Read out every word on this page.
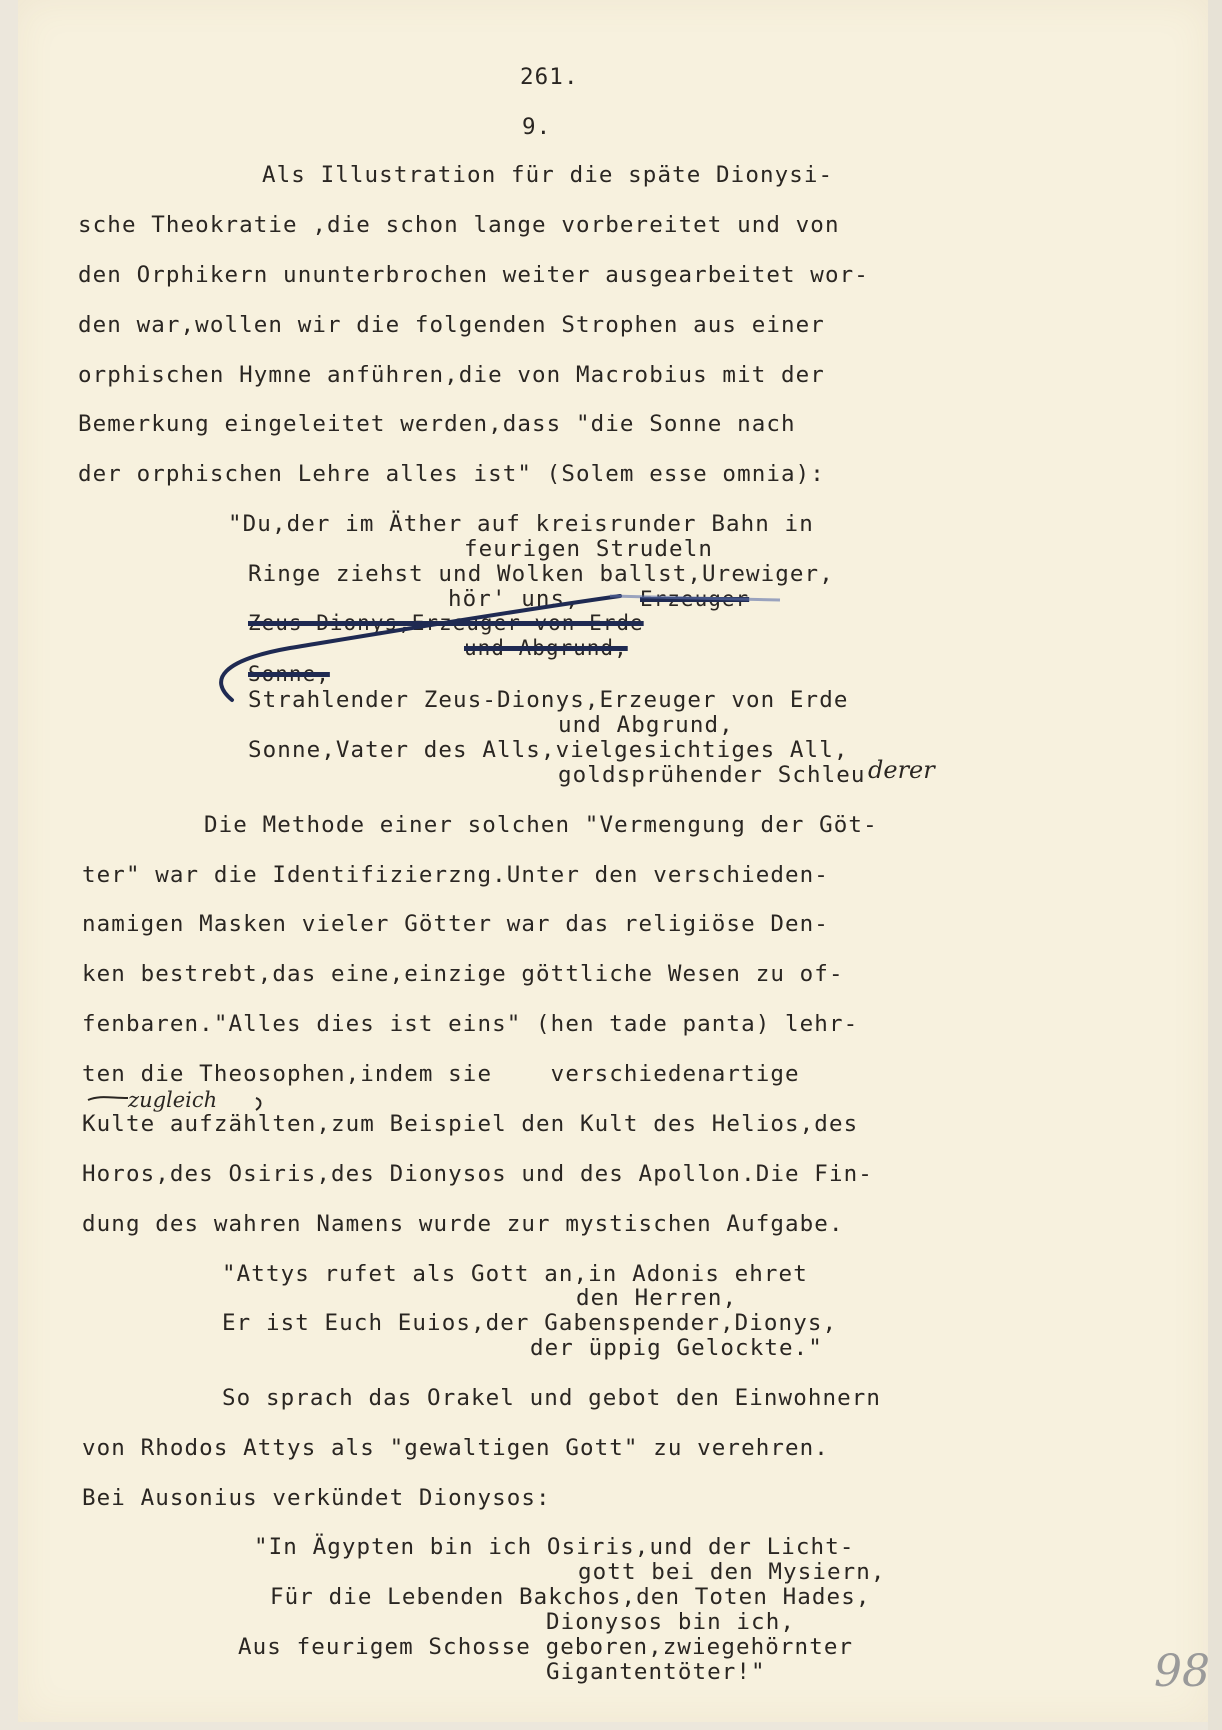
261.
9.
Als Illustration für die späte Dionysi-
sche Theokratie ,die schon lange vorbereitet und von
den Orphikern ununterbrochen weiter ausgearbeitet wor-
den war,wollen wir die folgenden Strophen aus einer
orphischen Hymne anführen,die von Macrobius mit der
Bemerkung eingeleitet werden,dass "die Sonne nach
der orphischen Lehre alles ist" (Solem esse omnia):
"Du,der im Äther auf kreisrunder Bahn in
feurigen Strudeln
Ringe ziehst und Wolken ballst,Urewiger,
hör' uns,	Erzeuger
Zeus-Dionys,Erzeuger von Erde
und Abgrund,
Sonne,
Strahlender Zeus-Dionys,Erzeuger von Erde
und Abgrund,
Sonne,Vater des Alls,vielgesichtiges All,
goldsprühender Schleu derer
Die Methode einer solchen "Vermengung der Göt-
ter" war die Identifizierzng.Unter den verschieden-
namigen Masken vieler Götter war das religiöse Den-
ken bestrebt,das eine,einzige göttliche Wesen zu of-
fenbaren."Alles dies ist eins" (hen tade panta) lehr-
ten die Theosophen,indem sie    verschiedenartige
zugleich
Kulte aufzählten,zum Beispiel den Kult des Helios,des
Horos,des Osiris,des Dionysos und des Apollon.Die Fin-
dung des wahren Namens wurde zur mystischen Aufgabe.
"Attys rufet als Gott an,in Adonis ehret
den Herren,
Er ist Euch Euios,der Gabenspender,Dionys,
der üppig Gelockte."
So sprach das Orakel und gebot den Einwohnern
von Rhodos Attys als "gewaltigen Gott" zu verehren.
Bei Ausonius verkündet Dionysos:
"In Ägypten bin ich Osiris,und der Licht-
gott bei den Mysiern,
Für die Lebenden Bakchos,den Toten Hades,
Dionysos bin ich,
Aus feurigem Schosse geboren,zwiegehörnter
Gigantentöter!"	98
